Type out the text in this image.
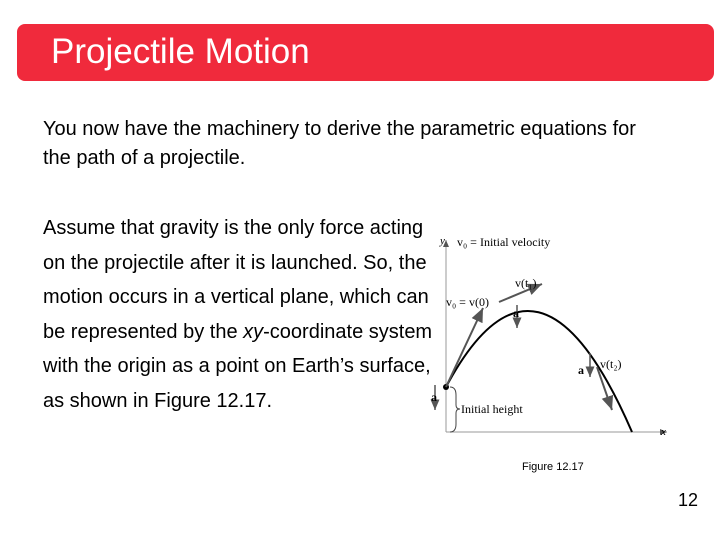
Projectile Motion
You now have the machinery to derive the parametric equations for the path of a projectile.
Assume that gravity is the only force acting on the projectile after it is launched. So, the motion occurs in a vertical plane, which can be represented by the xy-coordinate system with the origin as a point on Earth’s surface, as shown in Figure 12.17.
y
x
Initial height
v₀ = Initial velocity
v₀ = v(0)
v(t₁)
v(t₂)
a
a
a
Figure 12.17
12
